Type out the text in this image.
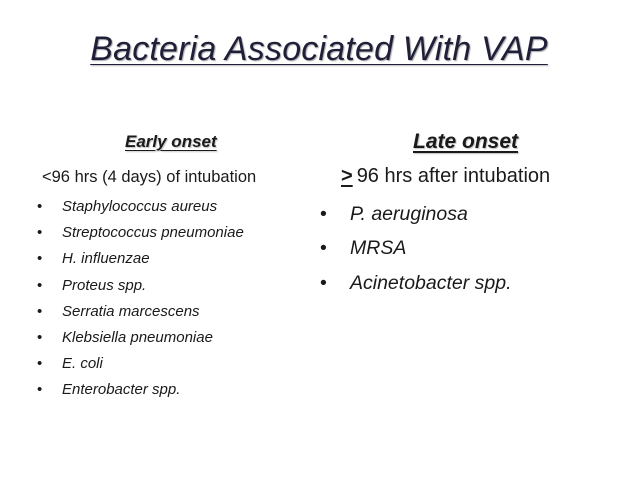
Bacteria Associated With VAP
Early onset
<96 hrs (4 days) of intubation
• Staphylococcus aureus
• Streptococcus pneumoniae
• H. influenzae
• Proteus spp.
• Serratia marcescens
• Klebsiella pneumoniae
• E. coli
• Enterobacter spp.
Late onset
> 96 hrs after intubation
• P. aeruginosa
• MRSA
• Acinetobacter spp.
